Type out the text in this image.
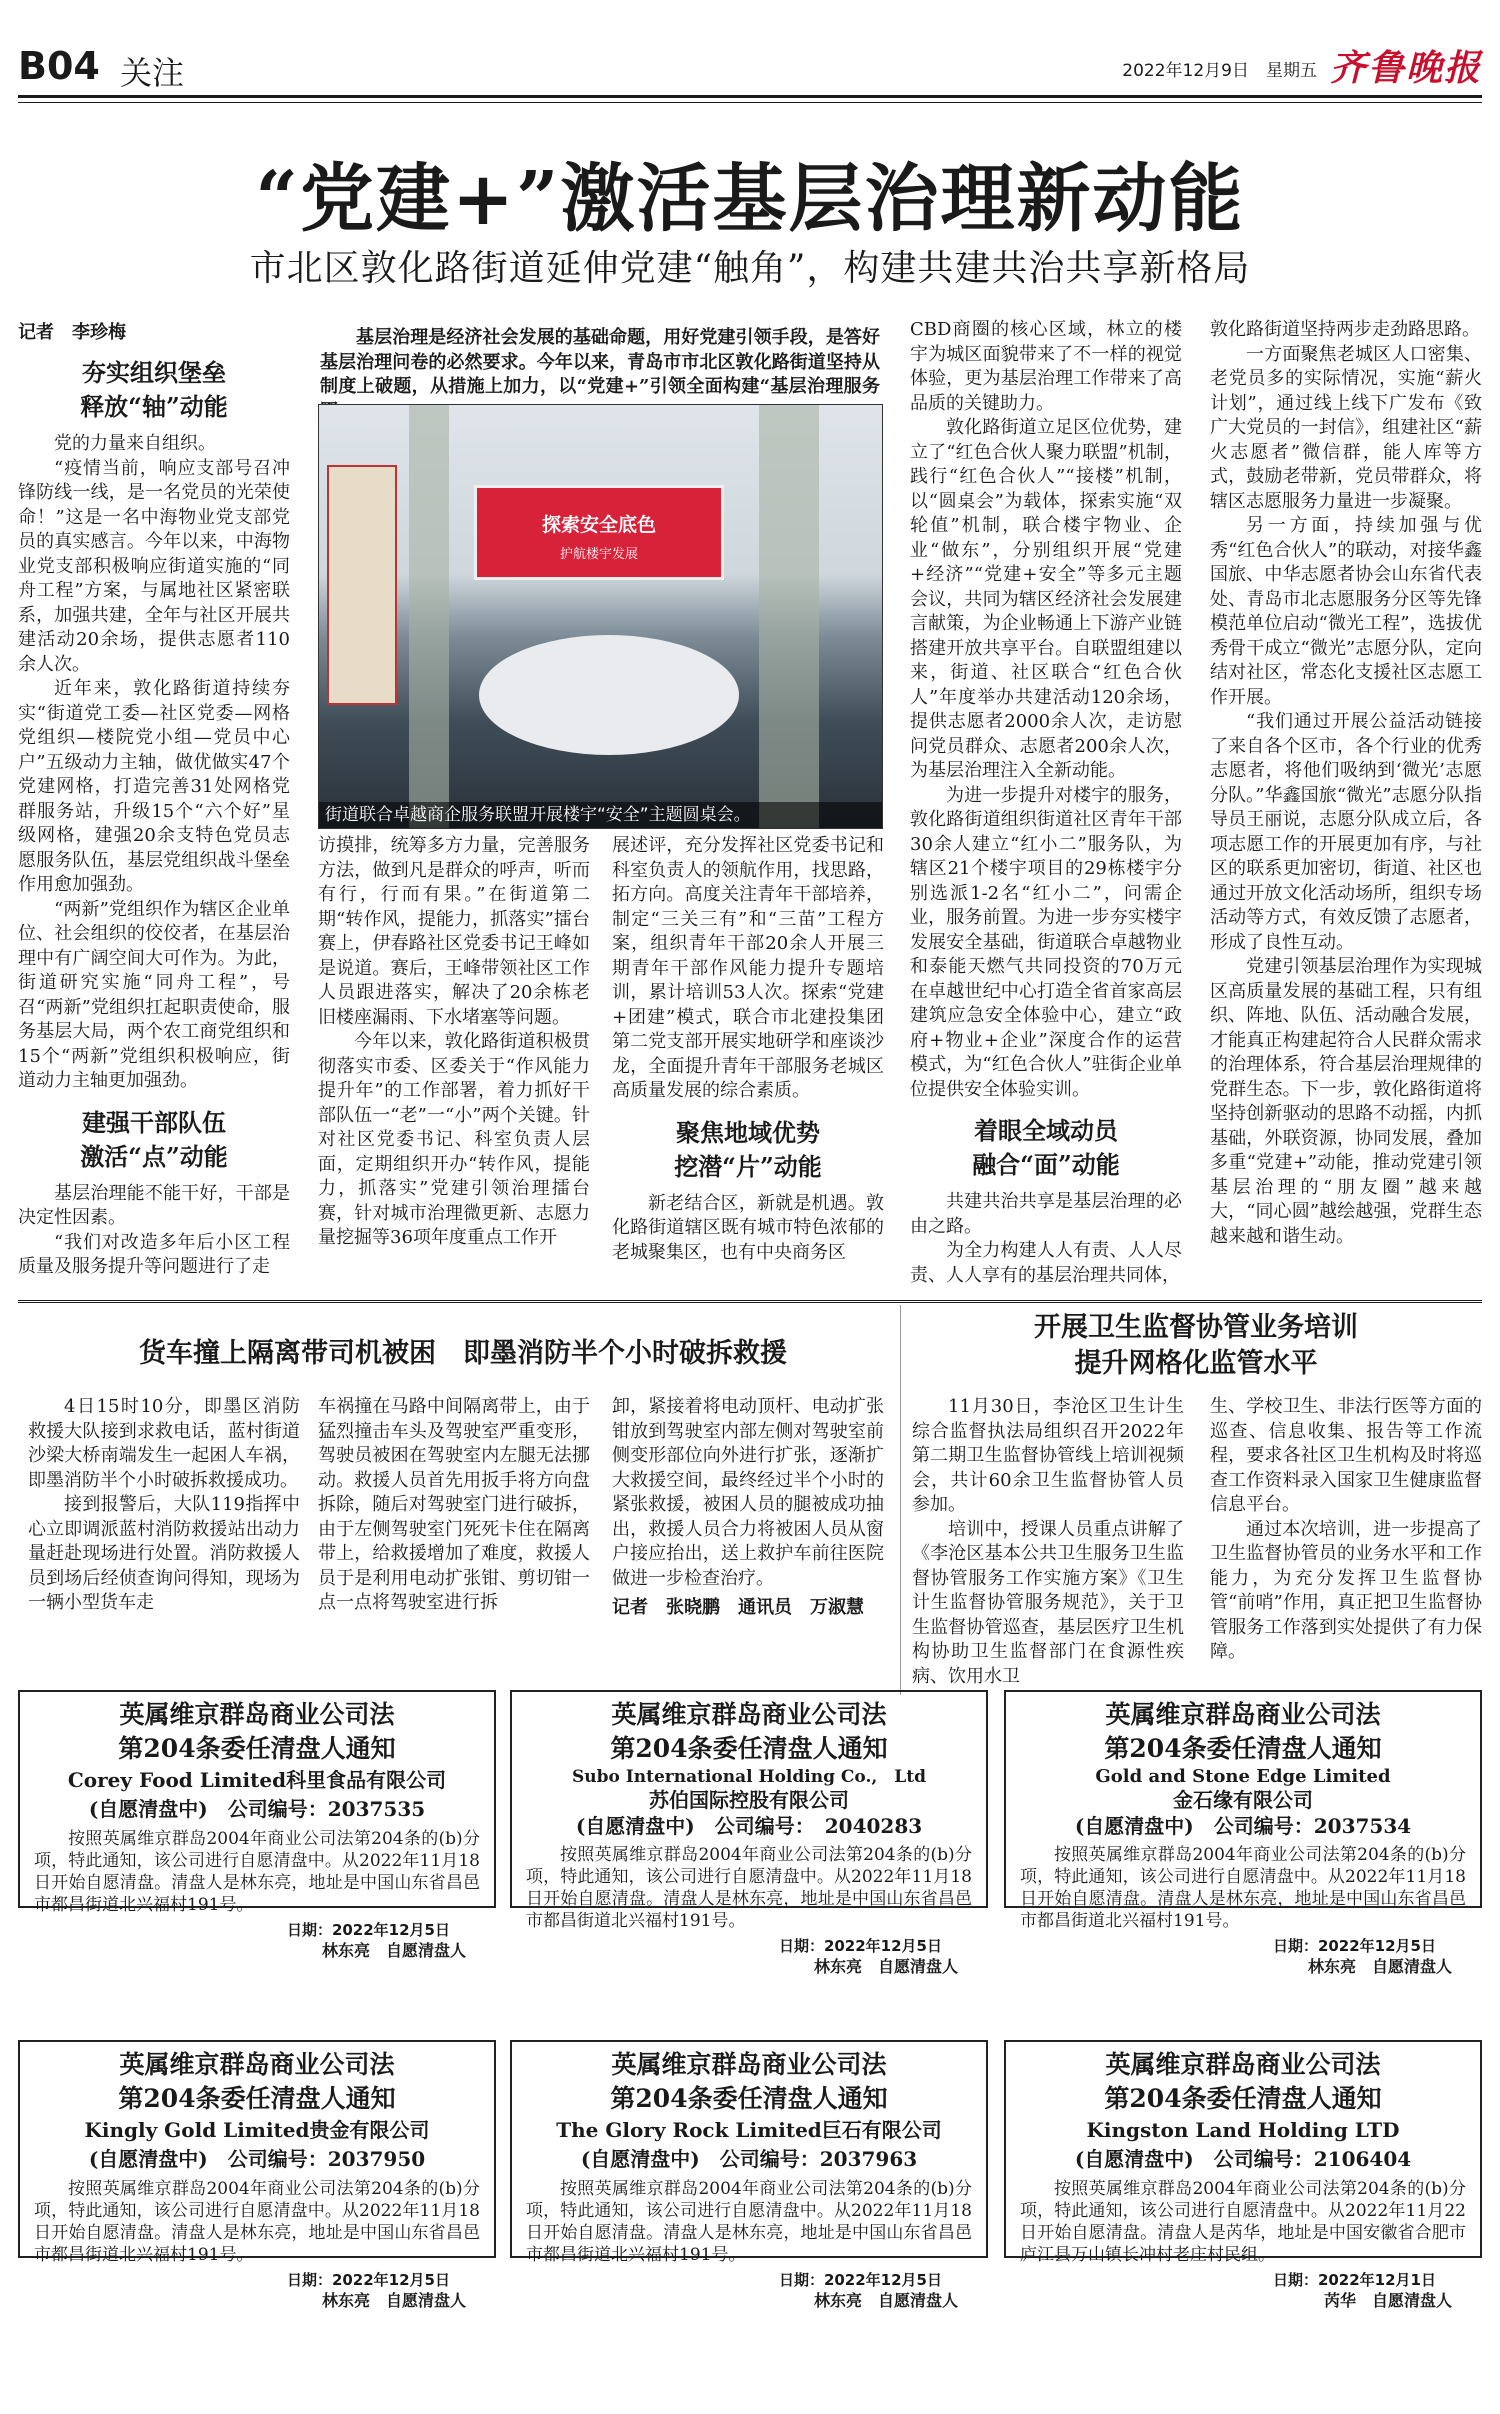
B04 关注	2022年12月9日　星期五 齐鲁晚报
“党建+”激活基层治理新动能
市北区敦化路街道延伸党建“触角”，构建共建共治共享新格局
记者　李珍梅
夯实组织堡垒
释放“轴”动能

党的力量来自组织。

“疫情当前，响应支部号召冲锋防线一线，是一名党员的光荣使命！”这是一名中海物业党支部党员的真实感言。今年以来，中海物业党支部积极响应街道实施的“同舟工程”方案，与属地社区紧密联系，加强共建，全年与社区开展共建活动20余场，提供志愿者110余人次。

近年来，敦化路街道持续夯实“街道党工委—社区党委—网格党组织—楼院党小组—党员中心户”五级动力主轴，做优做实47个党建网格，打造完善31处网格党群服务站，升级15个“六个好”星级网格，建强20余支特色党员志愿服务队伍，基层党组织战斗堡垒作用愈加强劲。

“两新”党组织作为辖区企业单位、社会组织的佼佼者，在基层治理中有广阔空间大可作为。为此，街道研究实施“同舟工程”，号召“两新”党组织扛起职责使命，服务基层大局，两个农工商党组织和15个“两新”党组织积极响应，街道动力主轴更加强劲。

建强干部队伍
激活“点”动能

基层治理能不能干好，干部是决定性因素。

“我们对改造多年后小区工程质量及服务提升等问题进行了走

基层治理是经济社会发展的基础命题，用好党建引领手段，是答好基层治理问卷的必然要求。今年以来，青岛市市北区敦化路街道坚持从制度上破题，从措施上加力，以“党建+”引领全面构建“基层治理服务
探索安全底色
护航楼宇发展
街道联合卓越商企服务联盟开展楼宇“安全”主题圆桌会。

访摸排，统筹多方力量，完善服务方法，做到凡是群众的呼声，听而有行，行而有果。”在街道第二期“转作风，提能力，抓落实”擂台赛上，伊春路社区党委书记王峰如是说道。赛后，王峰带领社区工作人员跟进落实，解决了20余栋老旧楼座漏雨、下水堵塞等问题。

今年以来，敦化路街道积极贯彻落实市委、区委关于“作风能力提升年”的工作部署，着力抓好干部队伍一“老”一“小”两个关键。针对社区党委书记、科室负责人层面，定期组织开办“转作风，提能力，抓落实”党建引领治理擂台赛，针对城市治理微更新、志愿力量挖掘等36项年度重点工作开

展述评，充分发挥社区党委书记和科室负责人的领航作用，找思路，拓方向。高度关注青年干部培养，制定“三关三有”和“三苗”工程方案，组织青年干部20余人开展三期青年干部作风能力提升专题培训，累计培训53人次。探索“党建+团建”模式，联合市北建投集团第二党支部开展实地研学和座谈沙龙，全面提升青年干部服务老城区高质量发展的综合素质。

聚焦地域优势
挖潜“片”动能

新老结合区，新就是机遇。敦化路街道辖区既有城市特色浓郁的老城聚集区，也有中央商务区

CBD商圈的核心区域，林立的楼宇为城区面貌带来了不一样的视觉体验，更为基层治理工作带来了高品质的关键助力。

敦化路街道立足区位优势，建立了“红色合伙人聚力联盟”机制，践行“红色合伙人”“接楼”机制，以“圆桌会”为载体，探索实施“双轮值”机制，联合楼宇物业、企业“做东”，分别组织开展“党建+经济”“党建+安全”等多元主题会议，共同为辖区经济社会发展建言献策，为企业畅通上下游产业链搭建开放共享平台。自联盟组建以来，街道、社区联合“红色合伙人”年度举办共建活动120余场，提供志愿者2000余人次，走访慰问党员群众、志愿者200余人次，为基层治理注入全新动能。

为进一步提升对楼宇的服务，敦化路街道组织街道社区青年干部30余人建立“红小二”服务队，为辖区21个楼宇项目的29栋楼宇分别选派1-2名“红小二”，问需企业，服务前置。为进一步夯实楼宇发展安全基础，街道联合卓越物业和泰能天燃气共同投资的70万元在卓越世纪中心打造全省首家高层建筑应急安全体验中心，建立“政府+物业+企业”深度合作的运营模式，为“红色合伙人”驻街企业单位提供安全体验实训。

着眼全域动员
融合“面”动能

共建共治共享是基层治理的必由之路。

为全力构建人人有责、人人尽责、人人享有的基层治理共同体，

敦化路街道坚持两步走劲路思路。

一方面聚焦老城区人口密集、老党员多的实际情况，实施“薪火计划”，通过线上线下广发布《致广大党员的一封信》，组建社区“薪火志愿者”微信群，能人库等方式，鼓励老带新，党员带群众，将辖区志愿服务力量进一步凝聚。

另一方面，持续加强与优秀“红色合伙人”的联动，对接华鑫国旅、中华志愿者协会山东省代表处、青岛市北志愿服务分区等先锋模范单位启动“微光工程”，选拔优秀骨干成立“微光”志愿分队，定向结对社区，常态化支援社区志愿工作开展。

“我们通过开展公益活动链接了来自各个区市，各个行业的优秀志愿者，将他们吸纳到‘微光’志愿分队。”华鑫国旅“微光”志愿分队指导员王丽说，志愿分队成立后，各项志愿工作的开展更加有序，与社区的联系更加密切，街道、社区也通过开放文化活动场所，组织专场活动等方式，有效反馈了志愿者，形成了良性互动。

党建引领基层治理作为实现城区高质量发展的基础工程，只有组织、阵地、队伍、活动融合发展，才能真正构建起符合人民群众需求的治理体系，符合基层治理规律的党群生态。下一步，敦化路街道将坚持创新驱动的思路不动摇，内抓基础，外联资源，协同发展，叠加多重“党建+”动能，推动党建引领基层治理的“朋友圈”越来越大，“同心圆”越绘越强，党群生态越来越和谐生动。

货车撞上隔离带司机被困　即墨消防半个小时破拆救援

4日15时10分，即墨区消防救援大队接到求救电话，蓝村街道沙梁大桥南端发生一起困人车祸，即墨消防半个小时破拆救援成功。

接到报警后，大队119指挥中心立即调派蓝村消防救援站出动力量赶赴现场进行处置。消防救援人员到场后经侦查询问得知，现场为一辆小型货车走

车祸撞在马路中间隔离带上，由于猛烈撞击车头及驾驶室严重变形，驾驶员被困在驾驶室内左腿无法挪动。救援人员首先用扳手将方向盘拆除，随后对驾驶室门进行破拆，由于左侧驾驶室门死死卡住在隔离带上，给救援增加了难度，救援人员于是利用电动扩张钳、剪切钳一点一点将驾驶室进行拆

卸，紧接着将电动顶杆、电动扩张钳放到驾驶室内部左侧对驾驶室前侧变形部位向外进行扩张，逐渐扩大救援空间，最终经过半个小时的紧张救援，被困人员的腿被成功抽出，救援人员合力将被困人员从窗户接应抬出，送上救护车前往医院做进一步检查治疗。

记者　张晓鹏　通讯员　万淑慧
开展卫生监督协管业务培训
提升网格化监管水平

11月30日，李沧区卫生计生综合监督执法局组织召开2022年第二期卫生监督协管线上培训视频会，共计60余卫生监督协管人员参加。

培训中，授课人员重点讲解了《李沧区基本公共卫生服务卫生监督协管服务工作实施方案》《卫生计生监督协管服务规范》，关于卫生监督协管巡查，基层医疗卫生机构协助卫生监督部门在食源性疾病、饮用水卫

生、学校卫生、非法行医等方面的巡查、信息收集、报告等工作流程，要求各社区卫生机构及时将巡查工作资料录入国家卫生健康监督信息平台。

通过本次培训，进一步提高了卫生监督协管员的业务水平和工作能力，为充分发挥卫生监督协管“前哨”作用，真正把卫生监督协管服务工作落到实处提供了有力保障。

英属维京群岛商业公司法
第204条委任清盘人通知
Corey Food Limited科里食品有限公司
(自愿清盘中)　公司编号：2037535
按照英属维京群岛2004年商业公司法第204条的(b)分项，特此通知，该公司进行自愿清盘中。从2022年11月18日开始自愿清盘。清盘人是林东亮，地址是中国山东省昌邑市都昌街道北兴福村191号。
日期：2022年12月5日
林东亮　自愿清盘人
英属维京群岛商业公司法
第204条委任清盘人通知
Subo International Holding Co.,　Ltd
苏伯国际控股有限公司
(自愿清盘中)　公司编号：　2040283
按照英属维京群岛2004年商业公司法第204条的(b)分项，特此通知，该公司进行自愿清盘中。从2022年11月18日开始自愿清盘。清盘人是林东亮，地址是中国山东省昌邑市都昌街道北兴福村191号。
日期：2022年12月5日
林东亮　自愿清盘人
英属维京群岛商业公司法
第204条委任清盘人通知
Gold and Stone Edge Limited
金石缘有限公司
(自愿清盘中)　公司编号：2037534
按照英属维京群岛2004年商业公司法第204条的(b)分项，特此通知，该公司进行自愿清盘中。从2022年11月18日开始自愿清盘。清盘人是林东亮，地址是中国山东省昌邑市都昌街道北兴福村191号。
日期：2022年12月5日
林东亮　自愿清盘人
英属维京群岛商业公司法
第204条委任清盘人通知
Kingly Gold Limited贵金有限公司
(自愿清盘中)　公司编号：2037950
按照英属维京群岛2004年商业公司法第204条的(b)分项，特此通知，该公司进行自愿清盘中。从2022年11月18日开始自愿清盘。清盘人是林东亮，地址是中国山东省昌邑市都昌街道北兴福村191号。
日期：2022年12月5日
林东亮　自愿清盘人
英属维京群岛商业公司法
第204条委任清盘人通知
The Glory Rock Limited巨石有限公司
(自愿清盘中)　公司编号：2037963
按照英属维京群岛2004年商业公司法第204条的(b)分项，特此通知，该公司进行自愿清盘中。从2022年11月18日开始自愿清盘。清盘人是林东亮，地址是中国山东省昌邑市都昌街道北兴福村191号。
日期：2022年12月5日
林东亮　自愿清盘人
英属维京群岛商业公司法
第204条委任清盘人通知
Kingston Land Holding LTD
(自愿清盘中)　公司编号：2106404
按照英属维京群岛2004年商业公司法第204条的(b)分项，特此通知，该公司进行自愿清盘中。从2022年11月22日开始自愿清盘。清盘人是芮华，地址是中国安徽省合肥市庐江县万山镇长冲村老庄村民组。
日期：2022年12月1日
芮华　自愿清盘人
